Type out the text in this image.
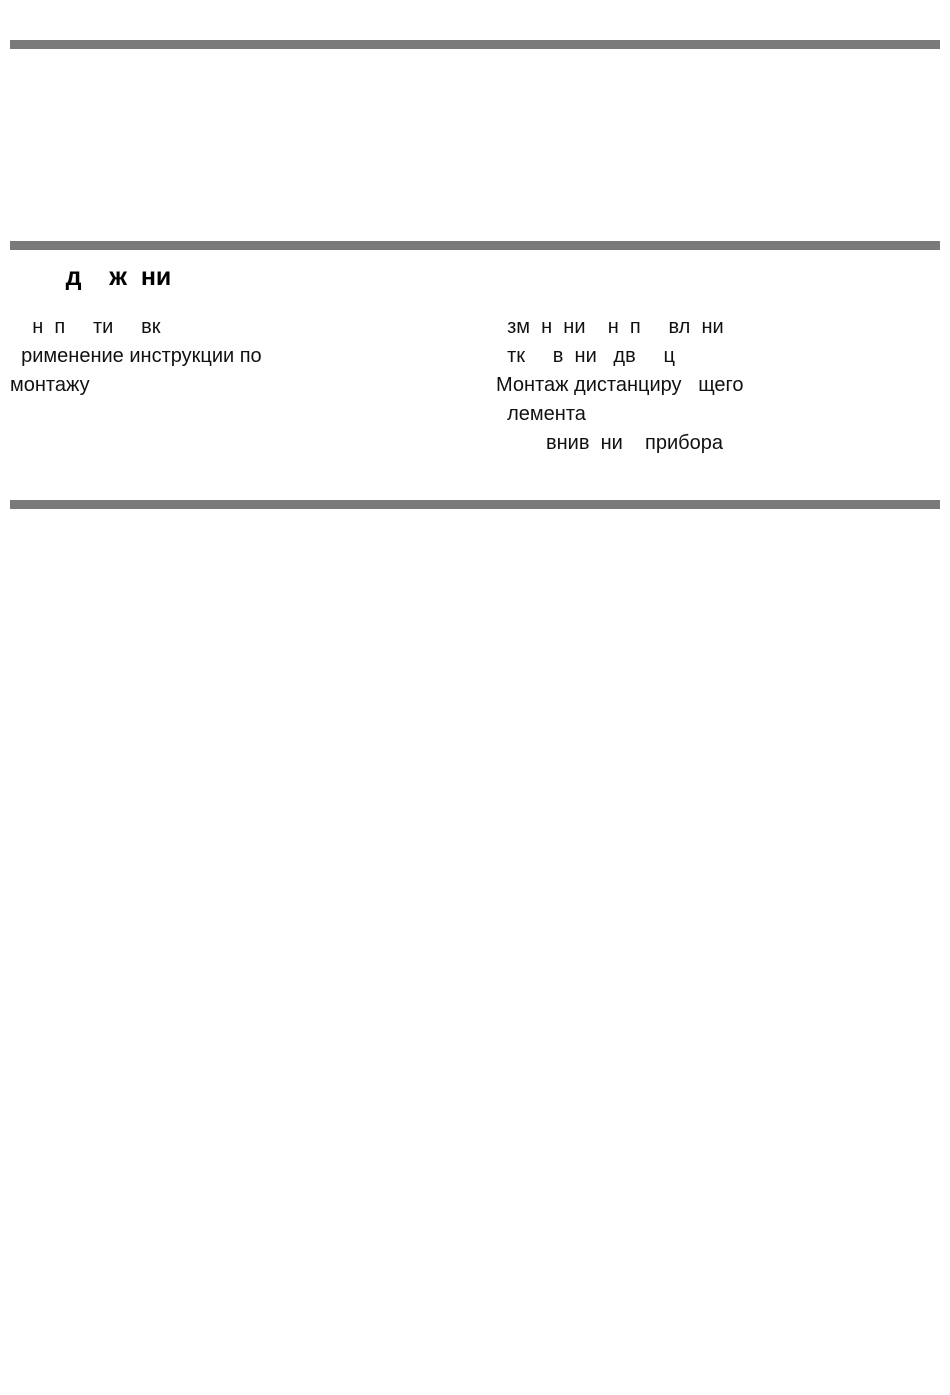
д    ж  ни
н  п     ти     вк
рименение инструкции по
монтажу
зм  н  ни    н  п     вл  ни
тк     в  ни   дв     ц
Монтаж дистанциру   щего
лемента
внив  ни    прибора
